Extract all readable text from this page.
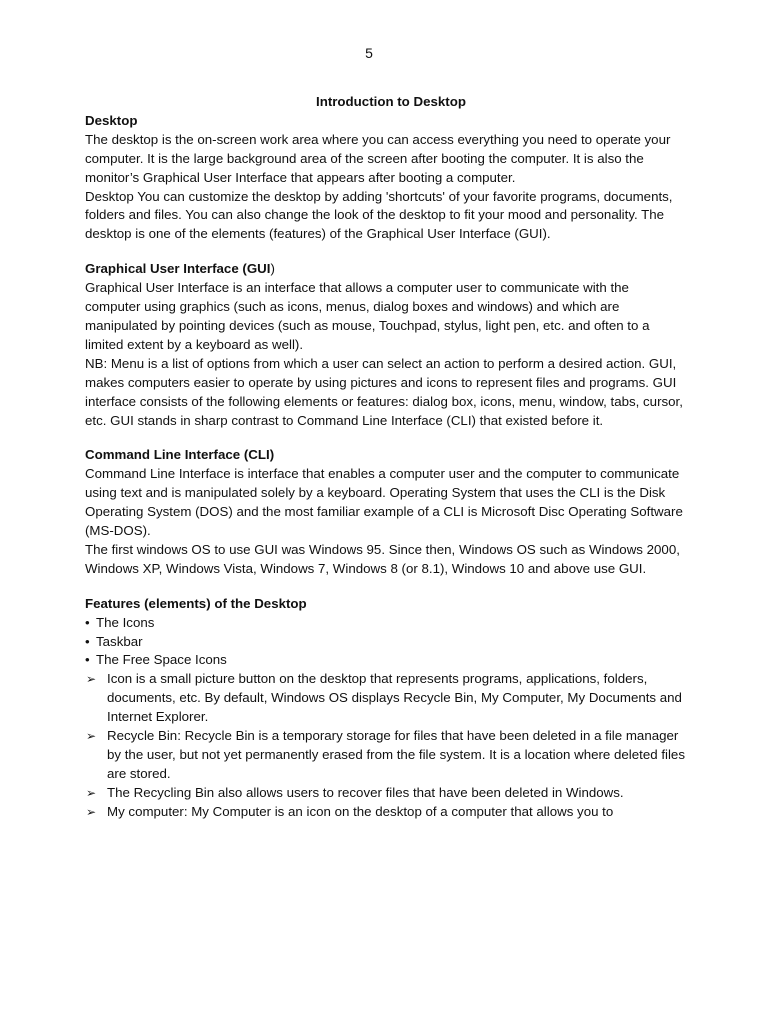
5

Introduction to Desktop

Desktop

The desktop is the on-screen work area where you can access everything you need to operate your computer. It is the large background area of the screen after booting the computer. It is also the monitor’s Graphical User Interface that appears after booting a computer.

Desktop You can customize the desktop by adding 'shortcuts' of your favorite programs, documents, folders and files. You can also change the look of the desktop to fit your mood and personality. The desktop is one of the elements (features) of the Graphical User Interface (GUI).

Graphical User Interface (GUI)

Graphical User Interface is an interface that allows a computer user to communicate with the computer using graphics (such as icons, menus, dialog boxes and windows) and which are manipulated by pointing devices (such as mouse, Touchpad, stylus, light pen, etc. and often to a limited extent by a keyboard as well).

NB: Menu is a list of options from which a user can select an action to perform a desired action. GUI, makes computers easier to operate by using pictures and icons to represent files and programs. GUI interface consists of the following elements or features: dialog box, icons, menu, window, tabs, cursor, etc. GUI stands in sharp contrast to Command Line Interface (CLI) that existed before it.

Command Line Interface (CLI)

Command Line Interface is interface that enables a computer user and the computer to communicate using text and is manipulated solely by a keyboard. Operating System that uses the CLI is the Disk Operating System (DOS) and the most familiar example of a CLI is Microsoft Disc Operating Software (MS-DOS).

The first windows OS to use GUI was Windows 95. Since then, Windows OS such as Windows 2000, Windows XP, Windows Vista, Windows 7, Windows 8 (or 8.1), Windows 10 and above use GUI.

Features (elements) of the Desktop

• The Icons
• Taskbar
• The Free Space Icons
➢ Icon is a small picture button on the desktop that represents programs, applications, folders, documents, etc. By default, Windows OS displays Recycle Bin, My Computer, My Documents and Internet Explorer.
➢ Recycle Bin: Recycle Bin is a temporary storage for files that have been deleted in a file manager by the user, but not yet permanently erased from the file system. It is a location where deleted files are stored.
➢ The Recycling Bin also allows users to recover files that have been deleted in Windows.
➢ My computer: My Computer is an icon on the desktop of a computer that allows you to
